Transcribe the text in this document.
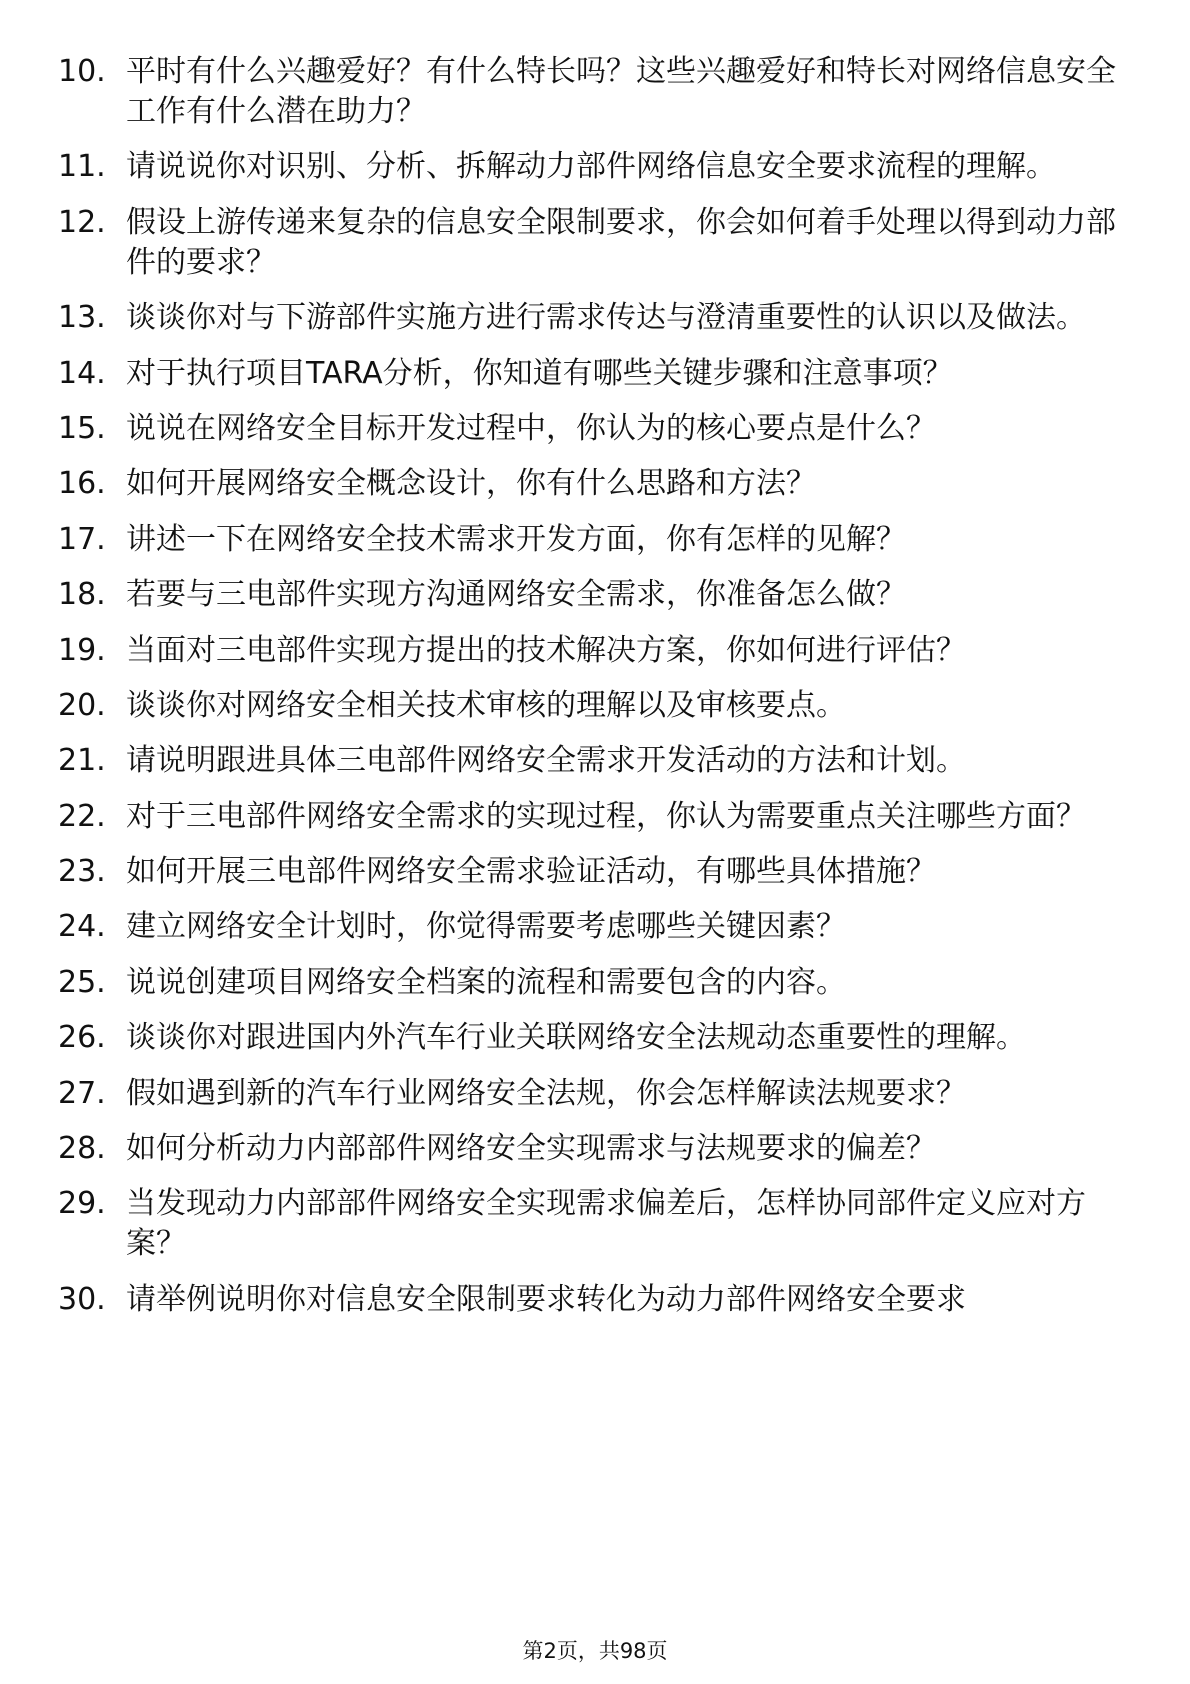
10. 平时有什么兴趣爱好？有什么特长吗？这些兴趣爱好和特长对网络信息安全工作有什么潜在助力？
11. 请说说你对识别、分析、拆解动力部件网络信息安全要求流程的理解。
12. 假设上游传递来复杂的信息安全限制要求，你会如何着手处理以得到动力部件的要求？
13. 谈谈你对与下游部件实施方进行需求传达与澄清重要性的认识以及做法。
14. 对于执行项目TARA分析，你知道有哪些关键步骤和注意事项？
15. 说说在网络安全目标开发过程中，你认为的核心要点是什么？
16. 如何开展网络安全概念设计，你有什么思路和方法？
17. 讲述一下在网络安全技术需求开发方面，你有怎样的见解？
18. 若要与三电部件实现方沟通网络安全需求，你准备怎么做？
19. 当面对三电部件实现方提出的技术解决方案，你如何进行评估？
20. 谈谈你对网络安全相关技术审核的理解以及审核要点。
21. 请说明跟进具体三电部件网络安全需求开发活动的方法和计划。
22. 对于三电部件网络安全需求的实现过程，你认为需要重点关注哪些方面？
23. 如何开展三电部件网络安全需求验证活动，有哪些具体措施？
24. 建立网络安全计划时，你觉得需要考虑哪些关键因素？
25. 说说创建项目网络安全档案的流程和需要包含的内容。
26. 谈谈你对跟进国内外汽车行业关联网络安全法规动态重要性的理解。
27. 假如遇到新的汽车行业网络安全法规，你会怎样解读法规要求？
28. 如何分析动力内部部件网络安全实现需求与法规要求的偏差？
29. 当发现动力内部部件网络安全实现需求偏差后，怎样协同部件定义应对方案？
30. 请举例说明你对信息安全限制要求转化为动力部件网络安全要求
第2页，共98页
